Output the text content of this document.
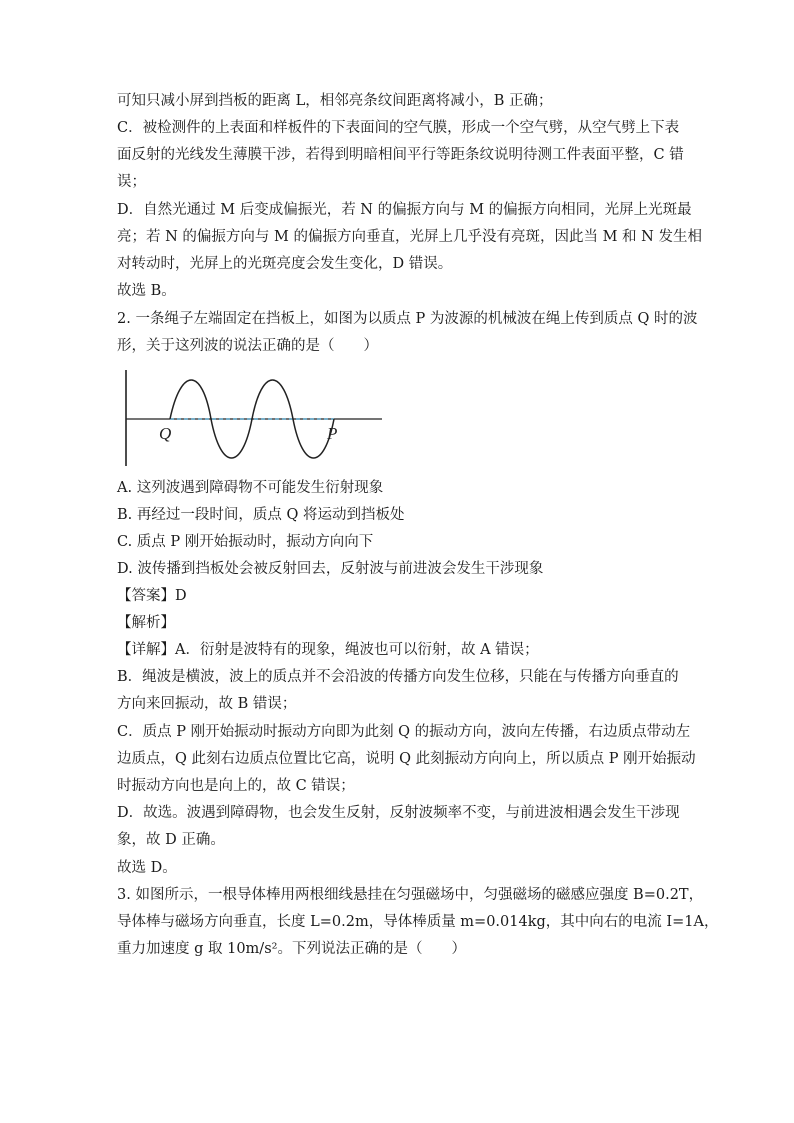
可知只减小屏到挡板的距离 L，相邻亮条纹间距离将减小，B 正确；
C．被检测件的上表面和样板件的下表面间的空气膜，形成一个空气劈，从空气劈上下表
面反射的光线发生薄膜干涉，若得到明暗相间平行等距条纹说明待测工件表面平整，C 错
误；
D．自然光通过 M 后变成偏振光，若 N 的偏振方向与 M 的偏振方向相同，光屏上光斑最
亮；若 N 的偏振方向与 M 的偏振方向垂直，光屏上几乎没有亮斑，因此当 M 和 N 发生相
对转动时，光屏上的光斑亮度会发生变化，D 错误。
故选 B。
2. 一条绳子左端固定在挡板上，如图为以质点 P 为波源的机械波在绳上传到质点 Q 时的波
形，关于这列波的说法正确的是（　　）
Q	P
A. 这列波遇到障碍物不可能发生衍射现象
B. 再经过一段时间，质点 Q 将运动到挡板处
C. 质点 P 刚开始振动时，振动方向向下
D. 波传播到挡板处会被反射回去，反射波与前进波会发生干涉现象
【答案】D
【解析】
【详解】A．衍射是波特有的现象，绳波也可以衍射，故 A 错误；
B．绳波是横波，波上的质点并不会沿波的传播方向发生位移，只能在与传播方向垂直的
方向来回振动，故 B 错误；
C．质点 P 刚开始振动时振动方向即为此刻 Q 的振动方向，波向左传播，右边质点带动左
边质点，Q 此刻右边质点位置比它高，说明 Q 此刻振动方向向上，所以质点 P 刚开始振动
时振动方向也是向上的，故 C 错误；
D．故选。波遇到障碍物，也会发生反射，反射波频率不变，与前进波相遇会发生干涉现
象，故 D 正确。
故选 D。
3. 如图所示，一根导体棒用两根细线悬挂在匀强磁场中，匀强磁场的磁感应强度 B=0.2T，
导体棒与磁场方向垂直，长度 L=0.2m，导体棒质量 m=0.014kg，其中向右的电流 I=1A，
重力加速度 g 取 10m/s²。下列说法正确的是（　　）
